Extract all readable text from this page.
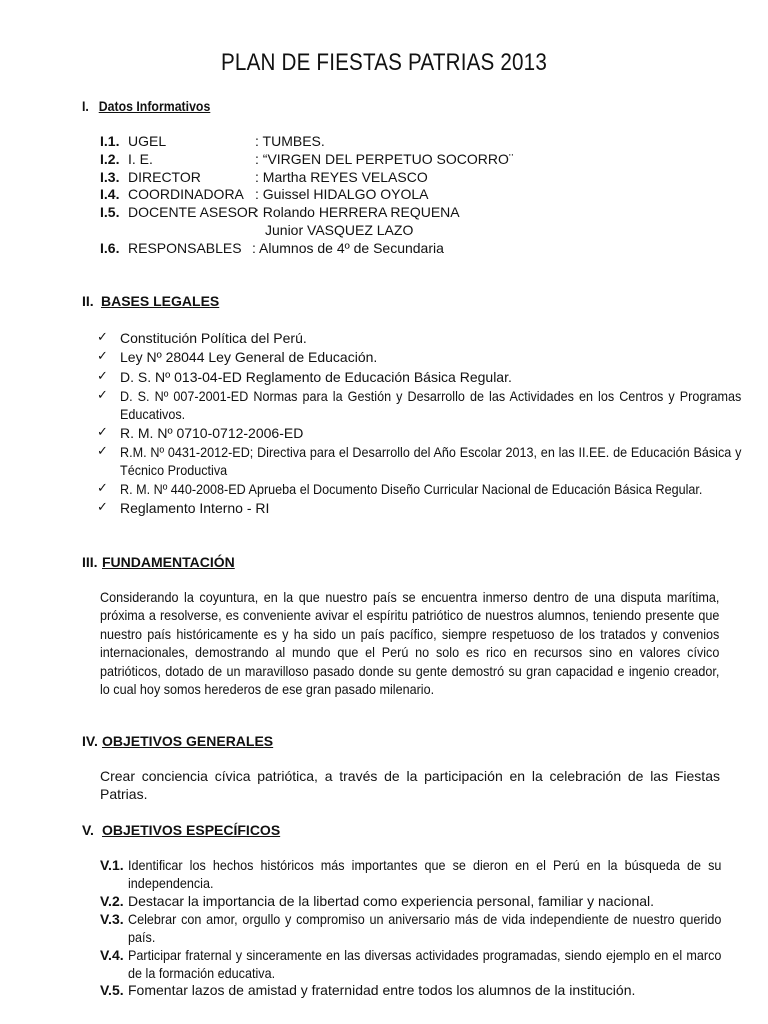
PLAN DE FIESTAS PATRIAS 2013
I. Datos Informativos
I.1. UGEL	: TUMBES.
I.2. I. E.	: “VIRGEN DEL PERPETUO SOCORRO¨
I.3. DIRECTOR	: Martha REYES VELASCO
I.4. COORDINADORA : Guissel HIDALGO OYOLA
I.5. DOCENTE ASESOR
: Rolando HERRERA REQUENA
Junior VASQUEZ LAZO
I.6. RESPONSABLES : Alumnos de 4º de Secundaria
II. BASES LEGALES
✓ Constitución Política del Perú.
✓ Ley Nº 28044 Ley General de Educación.
✓ D. S. Nº 013-04-ED Reglamento de Educación Básica Regular.
✓ D. S. Nº 007-2001-ED Normas para la Gestión y Desarrollo de las Actividades en los Centros y Programas Educativos.
✓ R. M. Nº 0710-0712-2006-ED
✓ R.M. Nº 0431-2012-ED; Directiva para el Desarrollo del Año Escolar 2013, en las II.EE. de Educación Básica y Técnico Productiva
✓ R. M. Nº 440-2008-ED Aprueba el Documento Diseño Curricular Nacional de Educación Básica Regular.
✓ Reglamento Interno - RI
III. FUNDAMENTACIÓN
Considerando la coyuntura, en la que nuestro país se encuentra inmerso dentro de una disputa marítima, próxima a resolverse, es conveniente avivar el espíritu patriótico de nuestros alumnos, teniendo presente que nuestro país históricamente es y ha sido un país pacífico, siempre respetuoso de los tratados y convenios internacionales, demostrando al mundo que el Perú no solo es rico en recursos sino en valores cívico patrióticos, dotado de un maravilloso pasado donde su gente demostró su gran capacidad e ingenio creador, lo cual hoy somos herederos de ese gran pasado milenario.
IV. OBJETIVOS GENERALES
Crear conciencia cívica patriótica, a través de la participación en la celebración de las Fiestas Patrias.
V. OBJETIVOS ESPECÍFICOS
V.1. Identificar los hechos históricos más importantes que se dieron en el Perú en la búsqueda de su independencia.
V.2. Destacar la importancia de la libertad como experiencia personal, familiar y nacional.
V.3. Celebrar con amor, orgullo y compromiso un aniversario más de vida independiente de nuestro querido país.
V.4. Participar fraternal y sinceramente en las diversas actividades programadas, siendo ejemplo en el marco de la formación educativa.
V.5. Fomentar lazos de amistad y fraternidad entre todos los alumnos de la institución.
